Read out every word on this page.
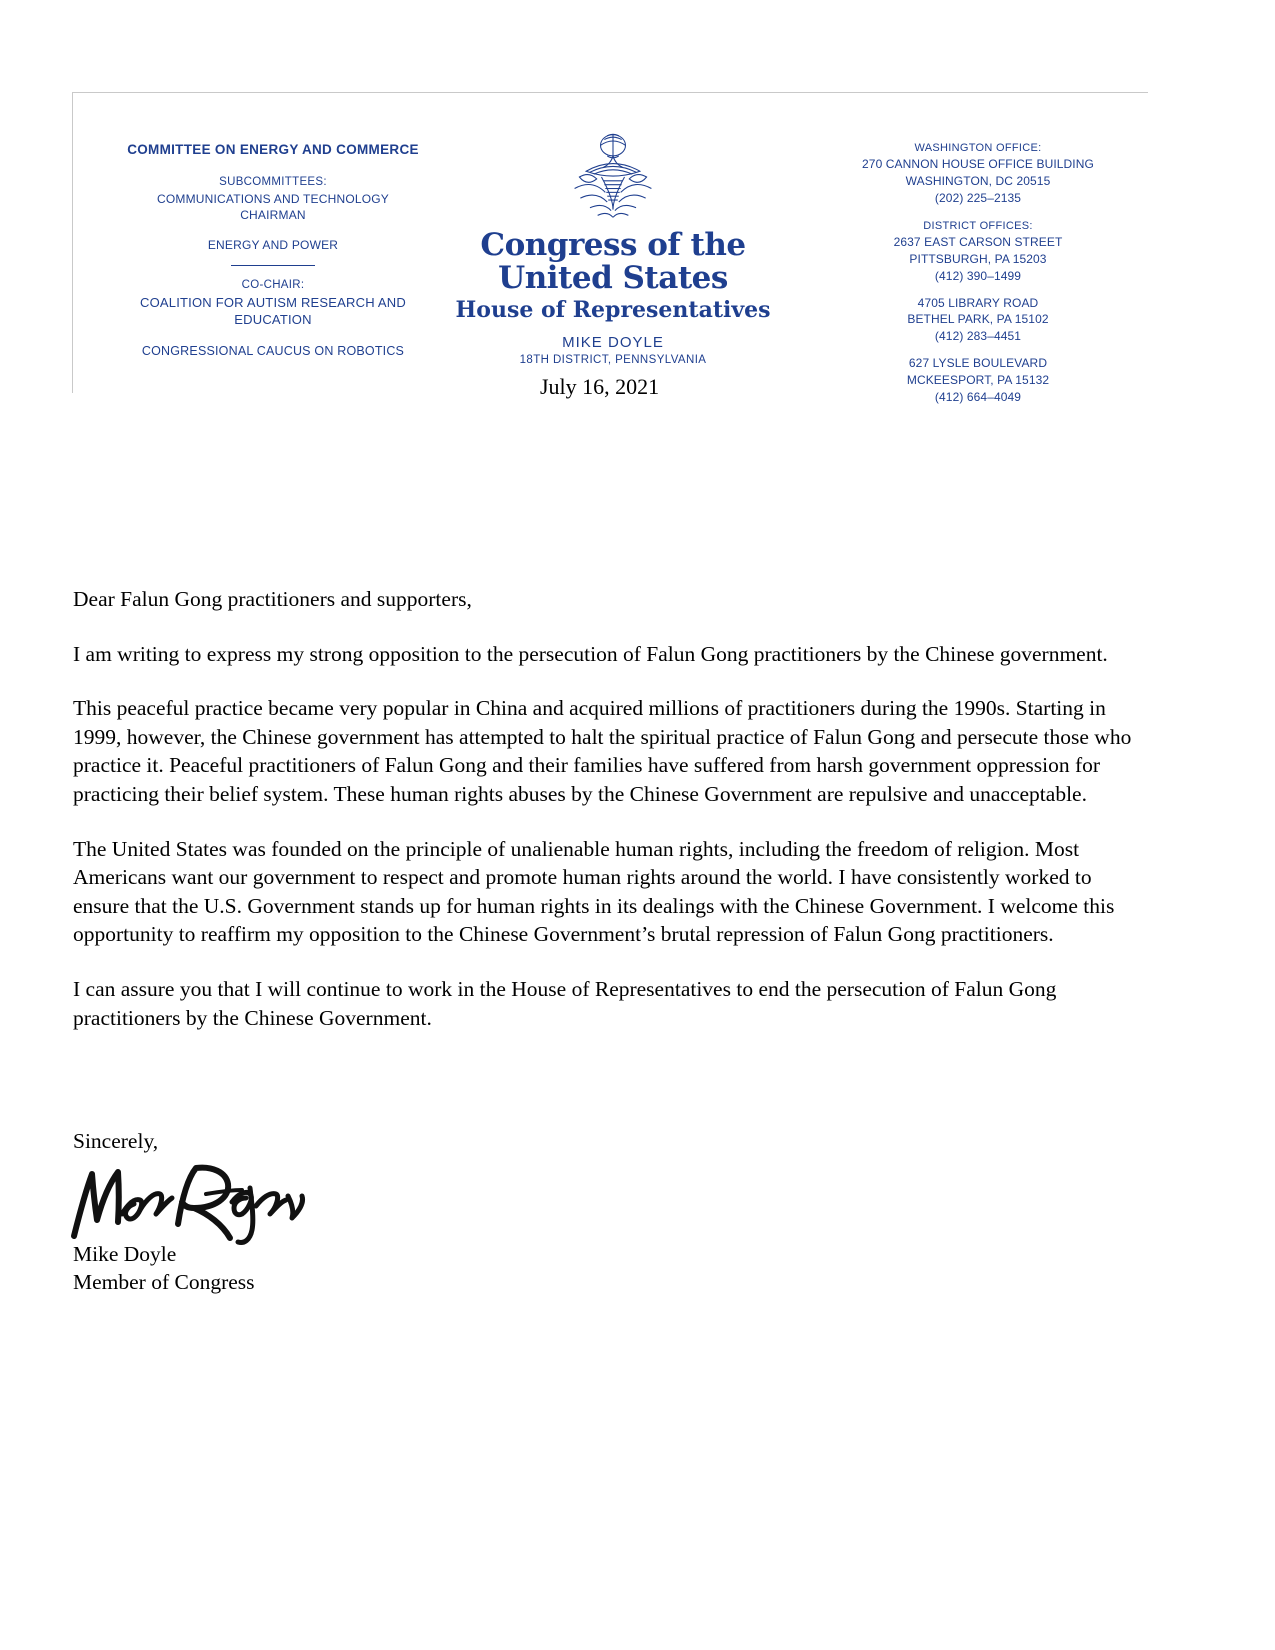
COMMITTEE ON ENERGY AND COMMERCE
SUBCOMMITTEES:
COMMUNICATIONS AND TECHNOLOGY
CHAIRMAN
ENERGY AND POWER
CO-CHAIR:
COALITION FOR AUTISM RESEARCH AND EDUCATION
CONGRESSIONAL CAUCUS ON ROBOTICS
Congress of the United States
House of Representatives
MIKE DOYLE
18TH DISTRICT, PENNSYLVANIA
WASHINGTON OFFICE:
270 CANNON HOUSE OFFICE BUILDING
WASHINGTON, DC 20515
(202) 225–2135
DISTRICT OFFICES:
2637 EAST CARSON STREET
PITTSBURGH, PA 15203
(412) 390–1499
4705 LIBRARY ROAD
BETHEL PARK, PA 15102
(412) 283–4451
627 LYSLE BOULEVARD
MCKEESPORT, PA 15132
(412) 664–4049
July 16, 2021

Dear Falun Gong practitioners and supporters,

I am writing to express my strong opposition to the persecution of Falun Gong practitioners by the Chinese government.

This peaceful practice became very popular in China and acquired millions of practitioners during the 1990s. Starting in 1999, however, the Chinese government has attempted to halt the spiritual practice of Falun Gong and persecute those who practice it. Peaceful practitioners of Falun Gong and their families have suffered from harsh government oppression for practicing their belief system. These human rights abuses by the Chinese Government are repulsive and unacceptable.

The United States was founded on the principle of unalienable human rights, including the freedom of religion. Most Americans want our government to respect and promote human rights around the world. I have consistently worked to ensure that the U.S. Government stands up for human rights in its dealings with the Chinese Government. I welcome this opportunity to reaffirm my opposition to the Chinese Government’s brutal repression of Falun Gong practitioners.

I can assure you that I will continue to work in the House of Representatives to end the persecution of Falun Gong practitioners by the Chinese Government.

Sincerely,
Mike Doyle
Member of Congress
